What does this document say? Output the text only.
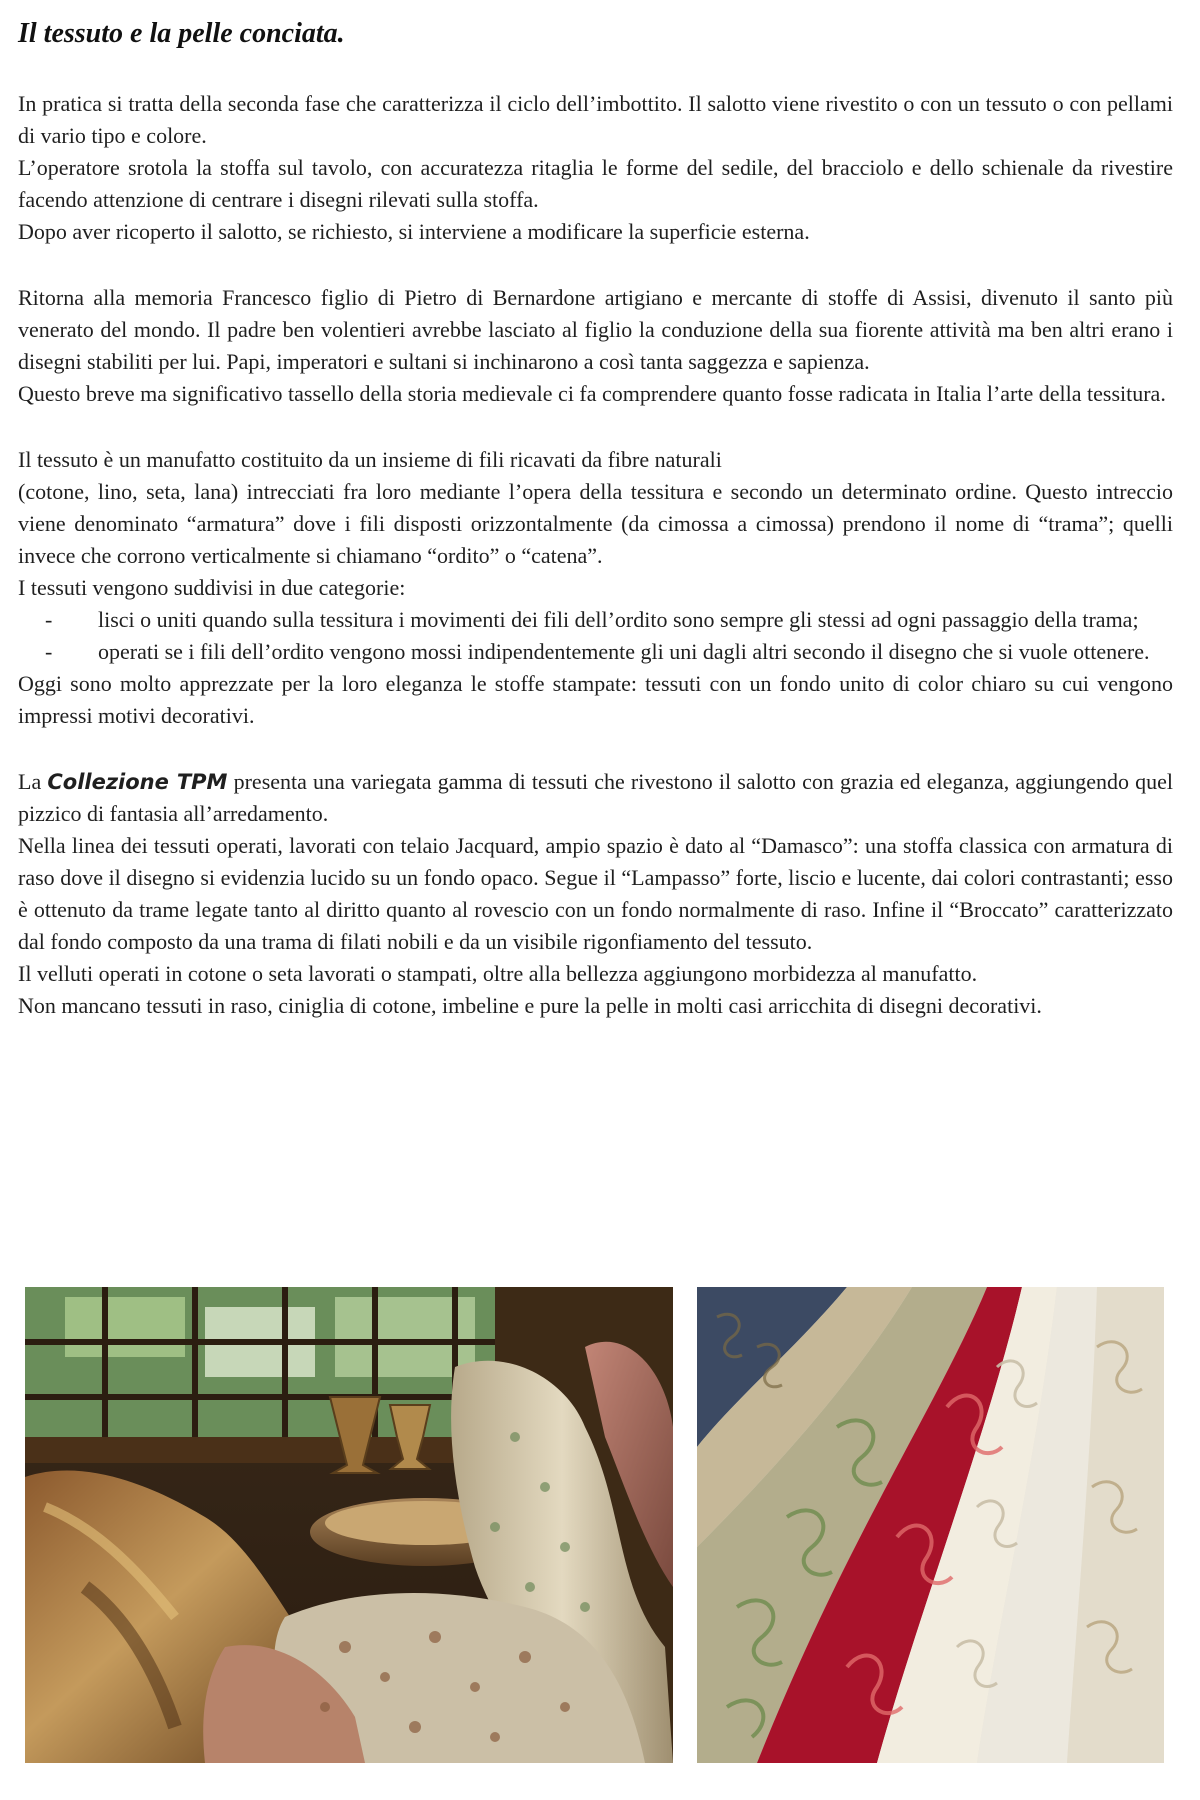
Il tessuto e la pelle conciata.

In pratica si tratta della seconda fase che caratterizza il ciclo dell’imbottito. Il salotto viene rivestito o con un tessuto o con pellami di vario tipo e colore.

L’operatore srotola la stoffa sul tavolo, con accuratezza ritaglia le forme del sedile, del bracciolo e dello schienale da rivestire facendo attenzione di centrare i disegni rilevati sulla stoffa.

Dopo aver ricoperto il salotto, se richiesto, si interviene a modificare la superficie esterna.

Ritorna alla memoria Francesco figlio di Pietro di Bernardone artigiano e mercante di stoffe di Assisi, divenuto il santo più venerato del mondo. Il padre ben volentieri avrebbe lasciato al figlio la conduzione della sua fiorente attività ma ben altri erano i disegni stabiliti per lui. Papi, imperatori e sultani si inchinarono a così tanta saggezza e sapienza.

Questo breve ma significativo tassello della storia medievale ci fa comprendere quanto fosse radicata in Italia l’arte della tessitura.

Il tessuto è un manufatto costituito da un insieme di fili ricavati da fibre naturali

(cotone, lino, seta, lana) intrecciati fra loro mediante l’opera della tessitura e secondo un determinato ordine. Questo intreccio viene denominato “armatura” dove i fili disposti orizzontalmente (da cimossa a cimossa) prendono il nome di “trama”; quelli invece che corrono verticalmente si chiamano “ordito” o “catena”.

I tessuti vengono suddivisi in due categorie:

- lisci o uniti quando sulla tessitura i movimenti dei fili dell’ordito sono sempre gli stessi ad ogni passaggio della trama;
- operati se i fili dell’ordito vengono mossi indipendentemente gli uni dagli altri secondo il disegno che si vuole ottenere.

Oggi sono molto apprezzate per la loro eleganza le stoffe stampate: tessuti con un fondo unito di color chiaro su cui vengono impressi motivi decorativi.

La Collezione TPM presenta una variegata gamma di tessuti che rivestono il salotto con grazia ed eleganza, aggiungendo quel pizzico di fantasia all’arredamento.

Nella linea dei tessuti operati, lavorati con telaio Jacquard, ampio spazio è dato al “Damasco”: una stoffa classica con armatura di raso dove il disegno si evidenzia lucido su un fondo opaco. Segue il “Lampasso” forte, liscio e lucente, dai colori contrastanti; esso è ottenuto da trame legate tanto al diritto quanto al rovescio con un fondo normalmente di raso. Infine il “Broccato” caratterizzato dal fondo composto da una trama di filati nobili e da un visibile rigonfiamento del tessuto.

Il velluti operati in cotone o seta lavorati o stampati, oltre alla bellezza aggiungono morbidezza al manufatto.

Non mancano tessuti in raso, ciniglia di cotone, imbeline e pure la pelle in molti casi arricchita di disegni decorativi.
